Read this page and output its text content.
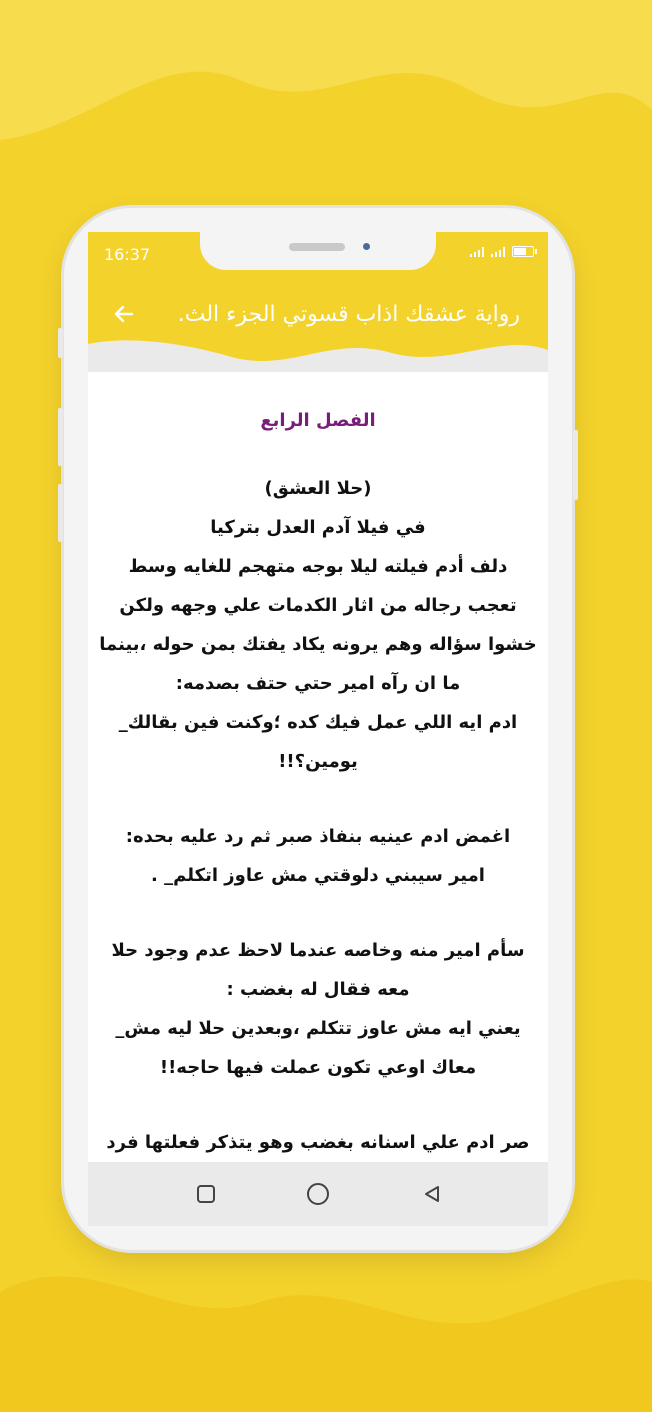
16:37
رواية عشقك اذاب قسوتي الجزء الث.
الفصل الرابع
(حلا العشق)
في فيلا آدم العدل بتركيا
دلف أدم فيلته ليلا بوجه متهجم للغايه وسط
تعجب رجاله من اثار الكدمات علي وجهه ولكن
خشوا سؤاله وهم يرونه يكاد يفتك بمن حوله ،بينما
ما ان رآه امير حتي حتف بصدمه:
ادم ايه اللي عمل فيك كده ؛وكنت فين بقالك_
يومين؟!!
اغمض ادم عينيه بنفاذ صبر ثم رد عليه بحده:
امير سيبني دلوقتي مش عاوز اتكلم_ .
سأم امير منه وخاصه عندما لاحظ عدم وجود حلا
معه فقال له بغضب :
يعني ايه مش عاوز تتكلم ،وبعدين حلا ليه مش_
معاك اوعي تكون عملت فيها حاجه!!
صر ادم علي اسنانه بغضب وهو يتذكر فعلتها فرد
